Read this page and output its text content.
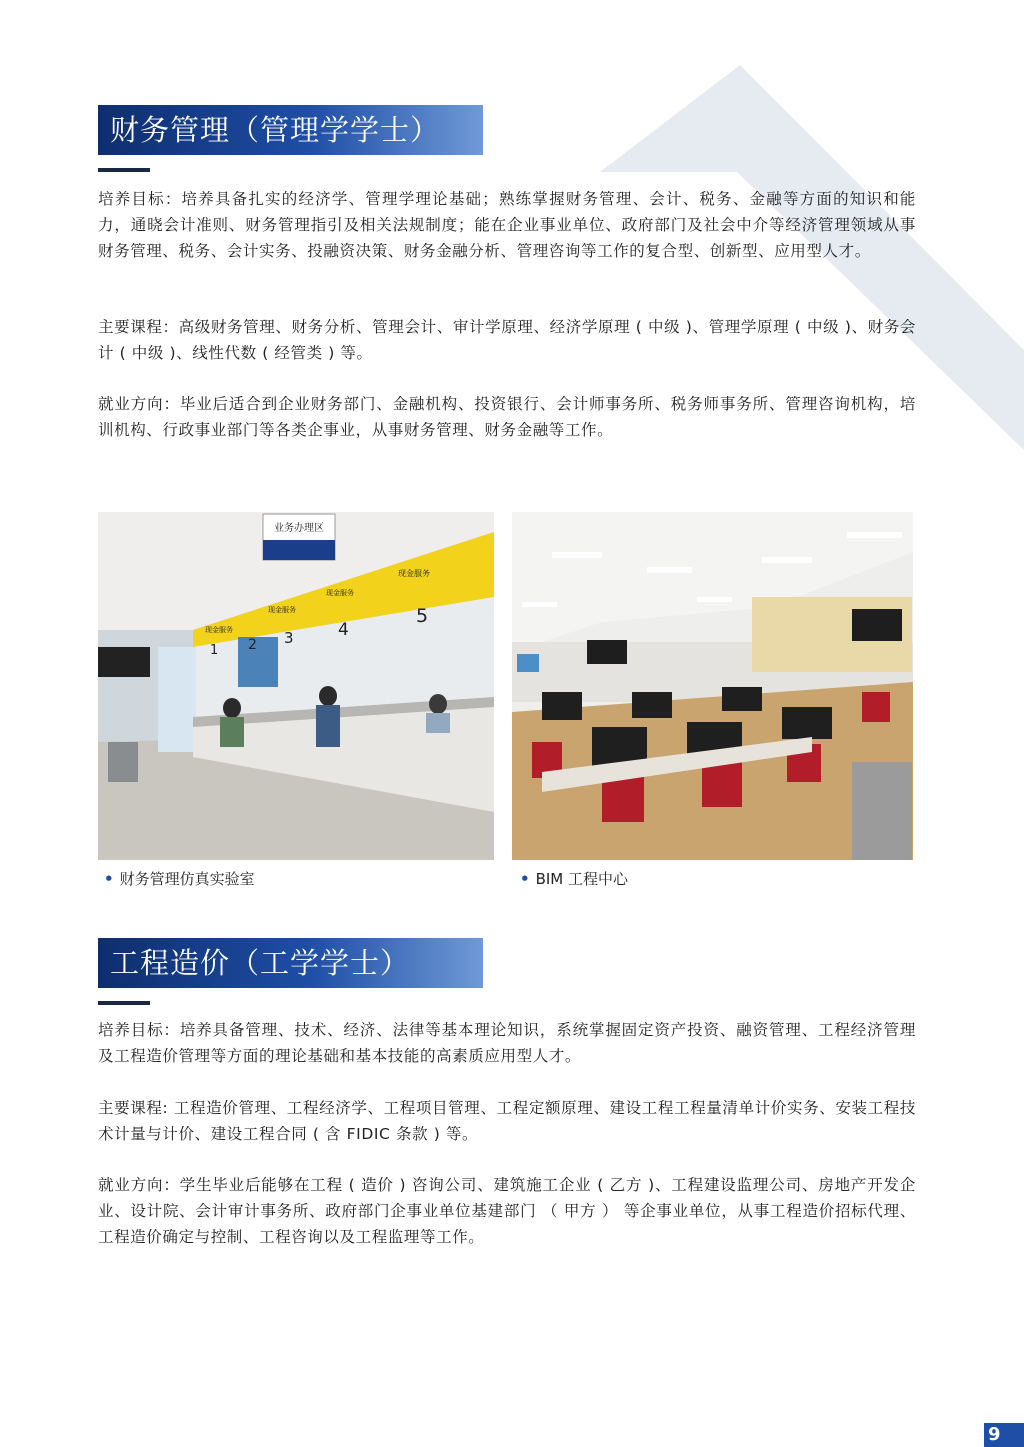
财务管理（管理学学士）

培养目标：培养具备扎实的经济学、管理学理论基础；熟练掌握财务管理、会计、税务、金融等方面的知识和能力，通晓会计准则、财务管理指引及相关法规制度；能在企业事业单位、政府部门及社会中介等经济管理领域从事财务管理、税务、会计实务、投融资决策、财务金融分析、管理咨询等工作的复合型、创新型、应用型人才。

主要课程：高级财务管理、财务分析、管理会计、审计学原理、经济学原理 ( 中级 )、管理学原理 ( 中级 )、财务会计 ( 中级 )、线性代数 ( 经管类 ) 等。

就业方向：毕业后适合到企业财务部门、金融机构、投资银行、会计师事务所、税务师事务所、管理咨询机构，培训机构、行政事业部门等各类企事业，从事财务管理、财务金融等工作。

业务办理区
现金服务
现金服务
现金服务
现金服务
1 2 3	4
5
• 财务管理仿真实验室	• BIM 工程中心
工程造价（工学学士）

培养目标：培养具备管理、技术、经济、法律等基本理论知识，系统掌握固定资产投资、融资管理、工程经济管理及工程造价管理等方面的理论基础和基本技能的高素质应用型人才。

主要课程: 工程造价管理、工程经济学、工程项目管理、工程定额原理、建设工程工程量清单计价实务、安装工程技术计量与计价、建设工程合同 ( 含 FIDIC 条款 ) 等。

就业方向：学生毕业后能够在工程 ( 造价 ) 咨询公司、建筑施工企业 ( 乙方 )、工程建设监理公司、房地产开发企业、设计院、会计审计事务所、政府部门企事业单位基建部门 （ 甲方 ） 等企事业单位，从事工程造价招标代理、工程造价确定与控制、工程咨询以及工程监理等工作。

9
